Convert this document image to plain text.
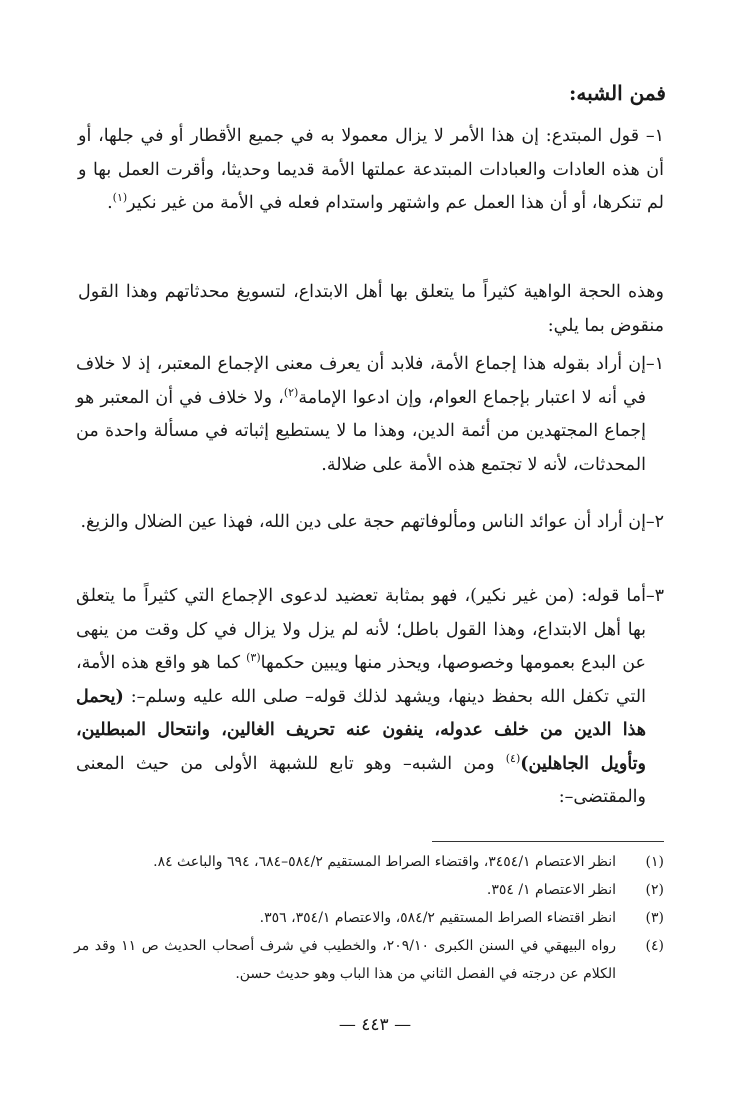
فمن الشبه:
١– قول المبتدع: إن هذا الأمر لا يزال معمولا به في جميع الأقطار أو في جلها، أو أن هذه العادات والعبادات المبتدعة عملتها الأمة قديما وحديثا، وأقرت العمل بها و لم تنكرها، أو أن هذا العمل عم واشتهر واستدام فعله في الأمة من غير نكير$^{(١)}$.
وهذه الحجة الواهية كثيراً ما يتعلق بها أهل الابتداع، لتسويغ محدثاتهم وهذا القول منقوض بما يلي:
١–
إن أراد بقوله هذا إجماع الأمة، فلابد أن يعرف معنى الإجماع المعتبر، إذ لا خلاف في أنه لا اعتبار بإجماع العوام، وإن ادعوا الإمامة$^{(٢)}$، ولا خلاف في أن المعتبر هو إجماع المجتهدين من أئمة الدين، وهذا ما لا يستطيع إثباته في مسألة واحدة من المحدثات، لأنه لا تجتمع هذه الأمة على ضلالة.
٢–
إن أراد أن عوائد الناس ومألوفاتهم حجة على دين الله، فهذا عين الضلال والزيغ.
٣–
أما قوله: (من غير نكير)، فهو بمثابة تعضيد لدعوى الإجماع التي كثيراً ما يتعلق بها أهل الابتداع، وهذا القول باطل؛ لأنه لم يزل ولا يزال في كل وقت من ينهى عن البدع بعمومها وخصوصها، ويحذر منها ويبين حكمها$^{(٣)}$ كما هو واقع هذه الأمة، التي تكفل الله بحفظ دينها، ويشهد لذلك قوله– صلى الله عليه وسلم–: (يحمل هذا الدين من خلف عدوله، ينفون عنه تحريف الغالين، وانتحال المبطلين، وتأويل الجاهلين)$^{(٤)}$ ومن الشبه– وهو تابع للشبهة الأولى من حيث المعنى والمقتضى–:
(١)
انظر الاعتصام ٣٤٥٤/١، واقتضاء الصراط المستقيم ٥٨٤/٢–٦٨٤، ٦٩٤ والباعث ٨٤.
(٢)
انظر الاعتصام ١/ ٣٥٤.
(٣)
انظر اقتضاء الصراط المستقيم ٥٨٤/٢، والاعتصام ٣٥٤/١، ٣٥٦.
(٤)
رواه البيهقي في السنن الكبرى ٢٠٩/١٠، والخطيب في شرف أصحاب الحديث ص ١١ وقد مر الكلام عن درجته في الفصل الثاني من هذا الباب وهو حديث حسن.
— ٤٤٣ —
